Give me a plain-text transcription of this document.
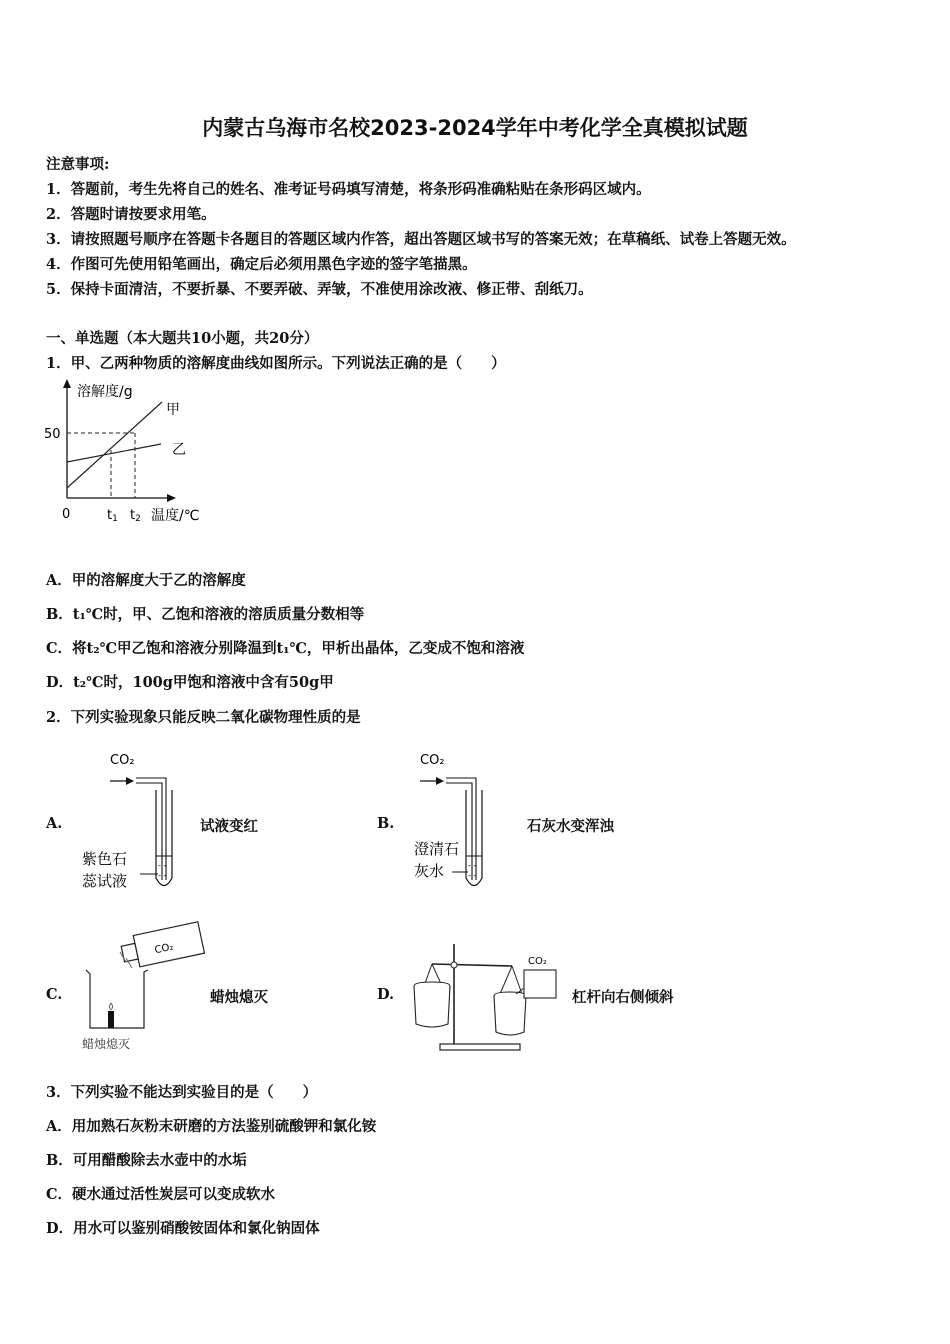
内蒙古乌海市名校2023-2024学年中考化学全真模拟试题
注意事项:
1．答题前，考生先将自己的姓名、准考证号码填写清楚，将条形码准确粘贴在条形码区域内。
2．答题时请按要求用笔。
3．请按照题号顺序在答题卡各题目的答题区域内作答，超出答题区域书写的答案无效；在草稿纸、试卷上答题无效。
4．作图可先使用铅笔画出，确定后必须用黑色字迹的签字笔描黑。
5．保持卡面清洁，不要折暴、不要弄破、弄皱，不准使用涂改液、修正带、刮纸刀。
一、单选题（本大题共10小题，共20分）
1．甲、乙两种物质的溶解度曲线如图所示。下列说法正确的是（　　）
溶解度/g
50
0	t1 t2 温度/℃
甲
乙
A．甲的溶解度大于乙的溶解度
B．t₁℃时，甲、乙饱和溶液的溶质质量分数相等
C．将t₂℃甲乙饱和溶液分别降温到t₁℃，甲析出晶体，乙变成不饱和溶液
D．t₂℃时，100g甲饱和溶液中含有50g甲
2．下列实验现象只能反映二氧化碳物理性质的是
A.
CO₂
- -
- -
紫色石
蕊试液
试液变红	B.
CO₂
- -
- -
澄清石
灰水
石灰水变浑浊
C.
CO₂
蜡烛熄灭
蜡烛熄灭	D.
CO₂
杠杆向右侧倾斜
3．下列实验不能达到实验目的是（　　）
A．用加熟石灰粉末研磨的方法鉴别硫酸钾和氯化铵
B．可用醋酸除去水壶中的水垢
C．硬水通过活性炭层可以变成软水
D．用水可以鉴别硝酸铵固体和氯化钠固体
